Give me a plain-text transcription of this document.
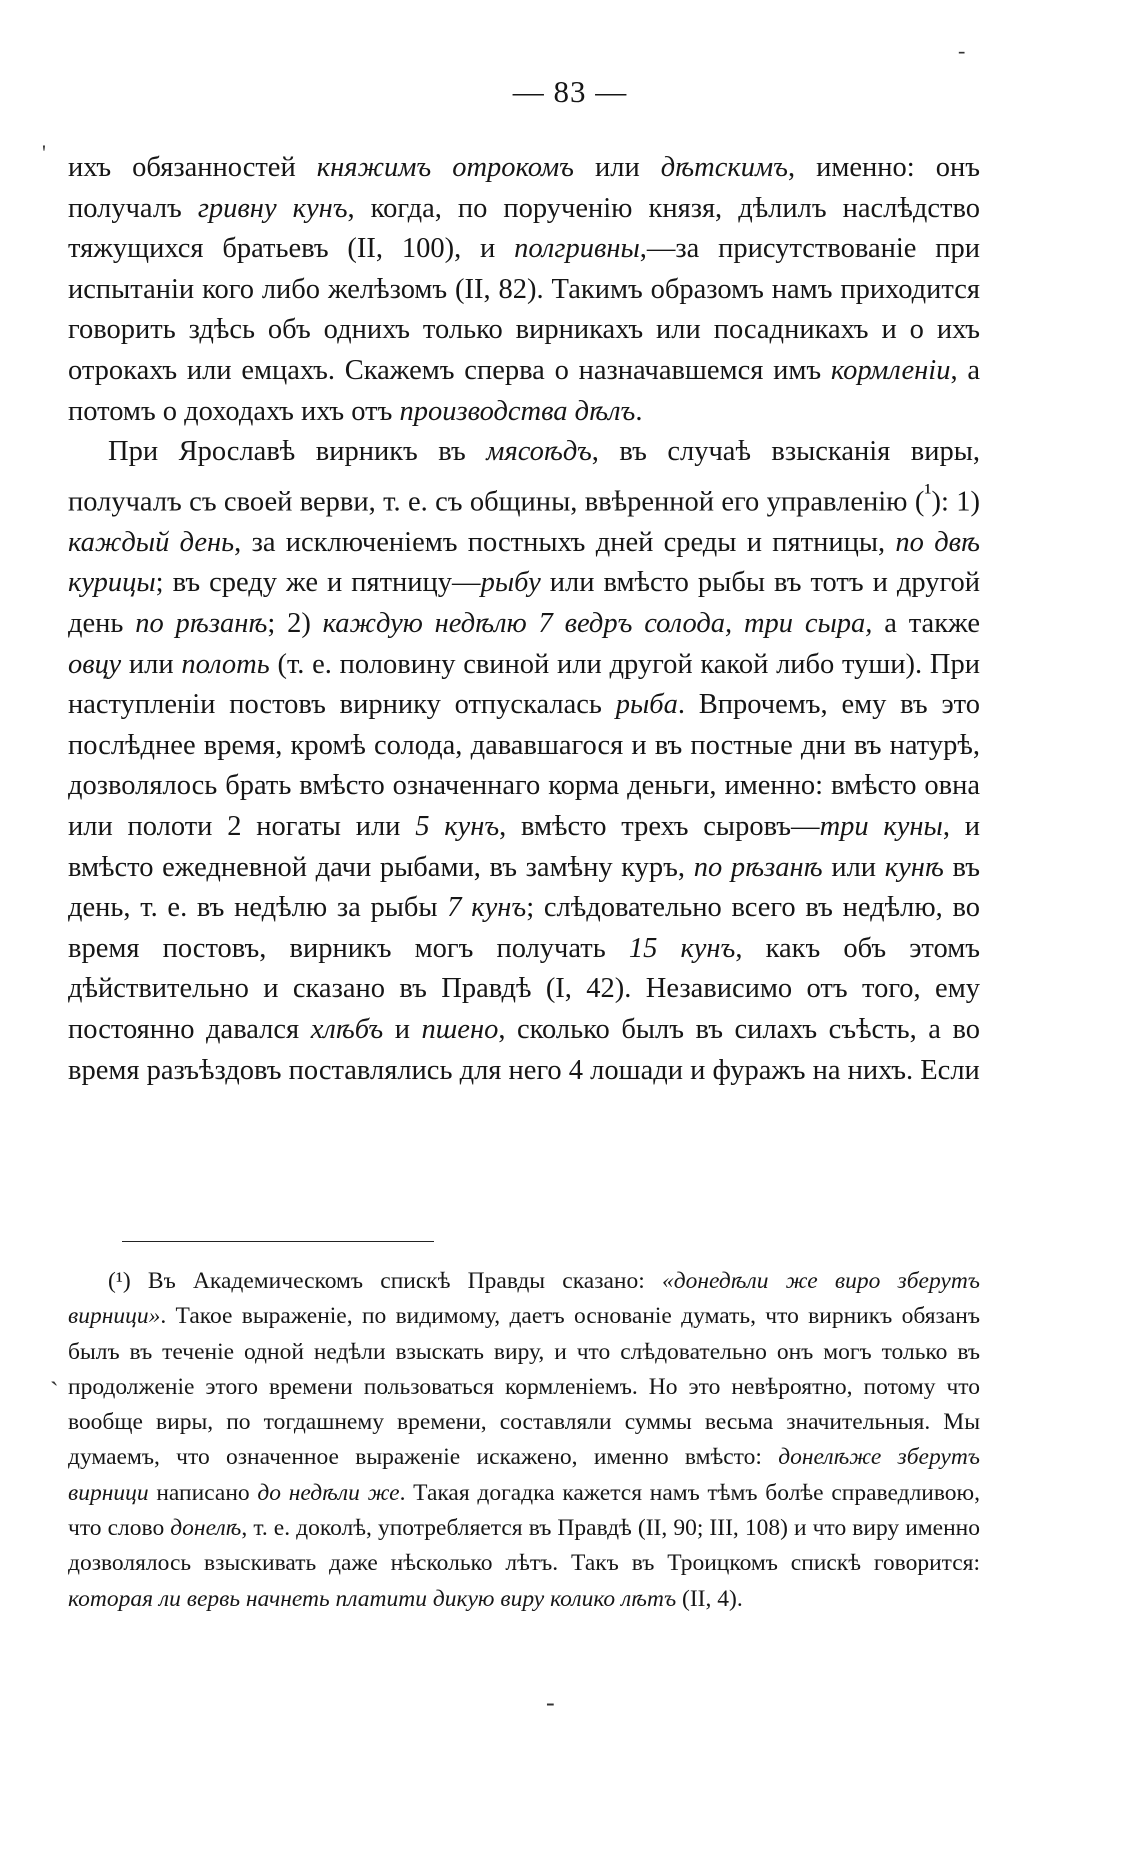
— 83 —

ихъ обязанностей княжимъ отрокомъ или дѣтскимъ, именно: онъ получалъ гривну кунъ, когда, по порученію князя, дѣлилъ наслѣдство тяжущихся братьевъ (II, 100), и полгривны,—за присутствованіе при испытаніи кого либо желѣзомъ (II, 82). Такимъ образомъ намъ приходится говорить здѣсь объ однихъ только вирникахъ или посадникахъ и о ихъ отрокахъ или емцахъ. Скажемъ сперва о назначавшемся имъ кормленіи, а потомъ о доходахъ ихъ отъ производства дѣлъ.

При Ярославѣ вирникъ въ мясоѣдъ, въ случаѣ взысканія виры, получалъ съ своей верви, т. е. съ общины, ввѣренной его управленію ($^{^1}$): 1) каждый день, за исключеніемъ постныхъ дней среды и пятницы, по двѣ курицы; въ среду же и пятницу—рыбу или вмѣсто рыбы въ тотъ и другой день по рѣзанѣ; 2) каждую недѣлю 7 ведръ солода, три сыра, а также овцу или полоть (т. е. половину свиной или другой какой либо туши). При наступленіи постовъ вирнику отпускалась рыба. Впрочемъ, ему въ это послѣднее время, кромѣ солода, дававшагося и въ постные дни въ натурѣ, дозволялось брать вмѣсто означеннаго корма деньги, именно: вмѣсто овна или полоти 2 ногаты или 5 кунъ, вмѣсто трехъ сыровъ—три куны, и вмѣсто ежедневной дачи рыбами, въ замѣну куръ, по рѣзанѣ или кунѣ въ день, т. е. въ недѣлю за рыбы 7 кунъ; слѣдовательно всего въ недѣлю, во время постовъ, вирникъ могъ получать 15 кунъ, какъ объ этомъ дѣйствительно и сказано въ Правдѣ (I, 42). Независимо отъ того, ему постоянно давался хлѣбъ и пшено, сколько былъ въ силахъ съѣсть, а во время разъѣздовъ поставлялись для него 4 лошади и фуражъ на нихъ. Если

(¹) Въ Академическомъ спискѣ Правды сказано: «донедѣли же виро зберутъ вирници». Такое выраженіе, по видимому, даетъ основаніе думать, что вирникъ обязанъ былъ въ теченіе одной недѣли взыскать виру, и что слѣдовательно онъ могъ только въ продолженіе этого времени пользоваться кормленіемъ. Но это невѣроятно, потому что вообще виры, по тогдашнему времени, составляли суммы весьма значительныя. Мы думаемъ, что означенное выраженіе искажено, именно вмѣсто: донелѣже зберутъ вирници написано до недѣли же. Такая догадка кажется намъ тѣмъ болѣе справедливою, что слово донелѣ, т. е. доколѣ, употребляется въ Правдѣ (II, 90; III, 108) и что виру именно дозволялось взыскивать даже нѣсколько лѣтъ. Такъ въ Троицкомъ спискѣ говорится: которая ли вервь начнеть платити дикую виру колико лѣтъ (II, 4).
-
'
˴
-
